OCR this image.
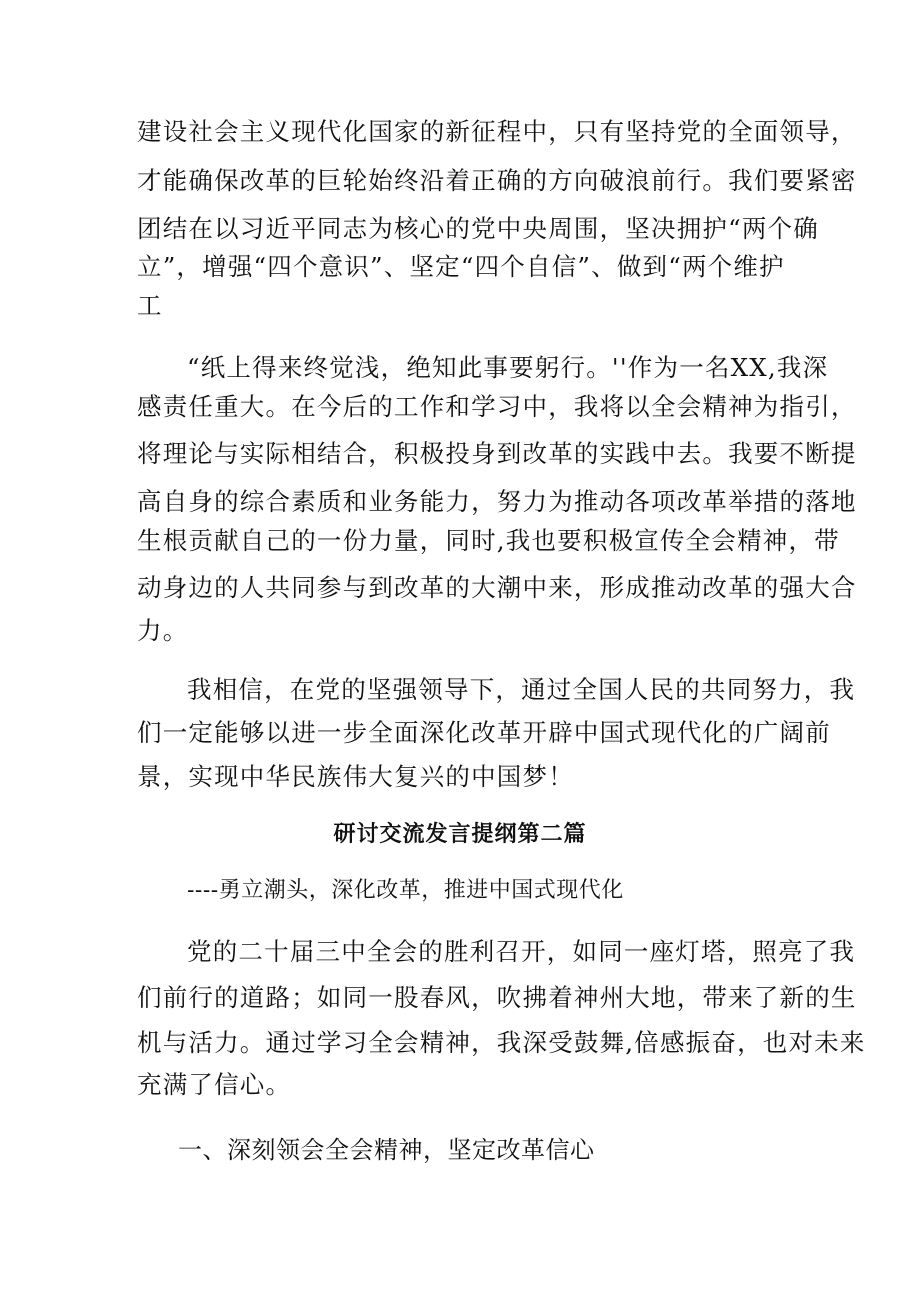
建设社会主义现代化国家的新征程中，只有坚持党的全面领导，
才能确保改革的巨轮始终沿着正确的方向破浪前行。我们要紧密
团结在以习近平同志为核心的党中央周围，坚决拥护“两个确
立”，增强“四个意识”、坚定“四个自信”、做到“两个维护
工
“纸上得来终觉浅，绝知此事要躬行。''作为一名XX,我深
感责任重大。在今后的工作和学习中，我将以全会精神为指引，
将理论与实际相结合，积极投身到改革的实践中去。我要不断提
高自身的综合素质和业务能力，努力为推动各项改革举措的落地
生根贡献自己的一份力量，同时,我也要积极宣传全会精神，带
动身边的人共同参与到改革的大潮中来，形成推动改革的强大合
力。
我相信，在党的坚强领导下，通过全国人民的共同努力，我
们一定能够以进一步全面深化改革开辟中国式现代化的广阔前
景，实现中华民族伟大复兴的中国梦！
研讨交流发言提纲第二篇
----勇立潮头，深化改革，推进中国式现代化
党的二十届三中全会的胜利召开，如同一座灯塔，照亮了我
们前行的道路；如同一股春风，吹拂着神州大地，带来了新的生
机与活力。通过学习全会精神，我深受鼓舞,倍感振奋，也对未来
充满了信心。
一、深刻领会全会精神，坚定改革信心
